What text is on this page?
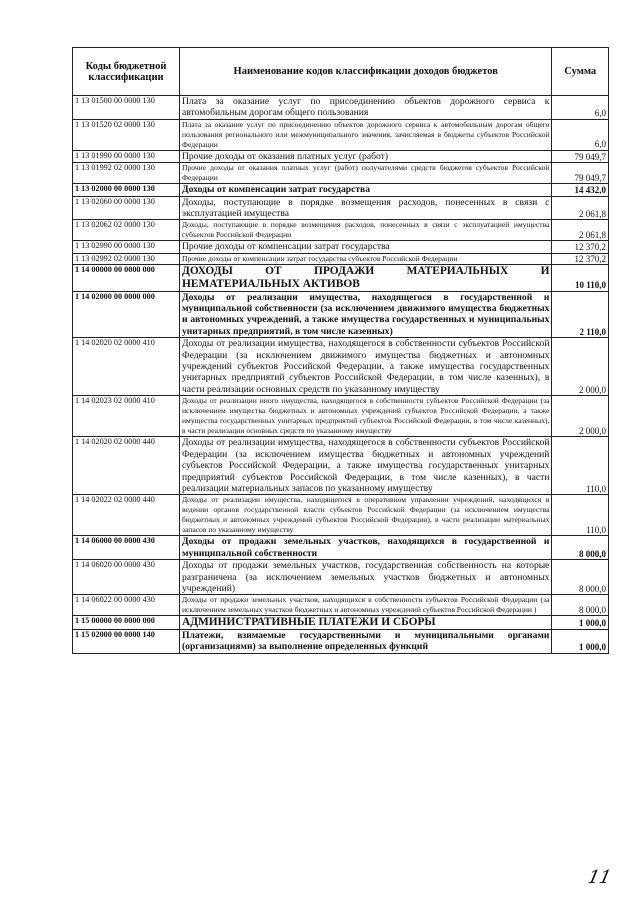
Коды бюджетной классификации	Наименование кодов классификации доходов бюджетов	Сумма
1 13 01500 00 0000 130	Плата за оказание услуг по присоединению объектов дорожного сервиса к автомобильным дорогам общего пользования	6,0
1 13 01520 02 0000 130	Плата за оказание услуг по присоединению объектов дорожного сервиса к автомобильным дорогам общего пользования регионального или межмуниципального значения, зачисляемая в бюджеты субъектов Российской Федерации	6,0
1 13 01990 00 0000 130	Прочие доходы от оказания платных услуг (работ)	79 049,7
1 13 01992 02 0000 130	Прочие доходы от оказания платных услуг (работ) получателями средств бюджетов субъектов Российской Федерации	79 049,7
1 13 02000 00 0000 130	Доходы от компенсации затрат государства	14 432,0
1 13 02060 00 0000 130	Доходы, поступающие в порядке возмещения расходов, понесенных в связи с эксплуатацией имущества	2 061,8
1 13 02062 02 0000 130	Доходы, поступающие в порядке возмещения расходов, понесенных в связи с эксплуатацией имущества субъектов Российской Федерации	2 061,8
1 13 02990 00 0000 130	Прочие доходы от компенсации затрат государства	12 370,2
1 13 02992 02 0000 130	Прочие доходы от компенсации затрат государства субъектов Российской Федерации	12 370,2
1 14 00000 00 0000 000	ДОХОДЫ ОТ ПРОДАЖИ МАТЕРИАЛЬНЫХ И НЕМАТЕРИАЛЬНЫХ АКТИВОВ	10 110,0
1 14 02000 00 0000 000	Доходы от реализации имущества, находящегося в государственной и муниципальной собственности (за исключением движимого имущества бюджетных и автономных учреждений, а также имущества государственных и муниципальных унитарных предприятий, в том числе казенных)	2 110,0
1 14 02020 02 0000 410	Доходы от реализации имущества, находящегося в собственности субъектов Российской Федерации (за исключением движимого имущества бюджетных и автономных учреждений субъектов Российской Федерации, а также имущества государственных унитарных предприятий субъектов Российской Федерации, в том числе казенных), в части реализации основных средств по указанному имуществу	2 000,0
1 14 02023 02 0000 410	Доходы от реализации иного имущества, находящегося в собственности субъектов Российской Федерации (за исключением имущества бюджетных и автономных учреждений субъектов Российской Федерации, а также имущества государственных унитарных предприятий субъектов Российской Федерации, в том числе казенных), в части реализации основных средств по указанному имуществу	2 000,0
1 14 02020 02 0000 440	Доходы от реализации имущества, находящегося в собственности субъектов Российской Федерации (за исключением имущества бюджетных и автономных учреждений субъектов Российской Федерации, а также имущества государственных унитарных предприятий субъектов Российской Федерации, в том числе казенных), в части реализации материальных запасов по указанному имуществу	110,0
1 14 02022 02 0000 440	Доходы от реализации имущества, находящегося в оперативном управлении учреждений, находящихся в ведении органов государственной власти субъектов Российской Федерации (за исключением имущества бюджетных и автономных учреждений субъектов Российской Федерации), в части реализации материальных запасов по указанному имуществу	110,0
1 14 06000 00 0000 430	Доходы от продажи земельных участков, находящихся в государственной и муниципальной собственности	8 000,0
1 14 06020 00 0000 430	Доходы от продажи земельных участков, государственная собственность на которые разграничена (за исключением земельных участков бюджетных и автономных учреждений)	8 000,0
1 14 06022 00 0000 430	Доходы от продажи земельных участков, находящихся в собственности субъектов Российской Федерации (за исключением земельных участков бюджетных и автономных учреждений субъектов Российской Федерации )	8 000,0
1 15 00000 00 0000 000	АДМИНИСТРАТИВНЫЕ ПЛАТЕЖИ И СБОРЫ	1 000,0
1 15 02000 00 0000 140	Платежи, взимаемые государственными и муниципальными органами (организациями) за выполнение определенных функций	1 000,0
11
